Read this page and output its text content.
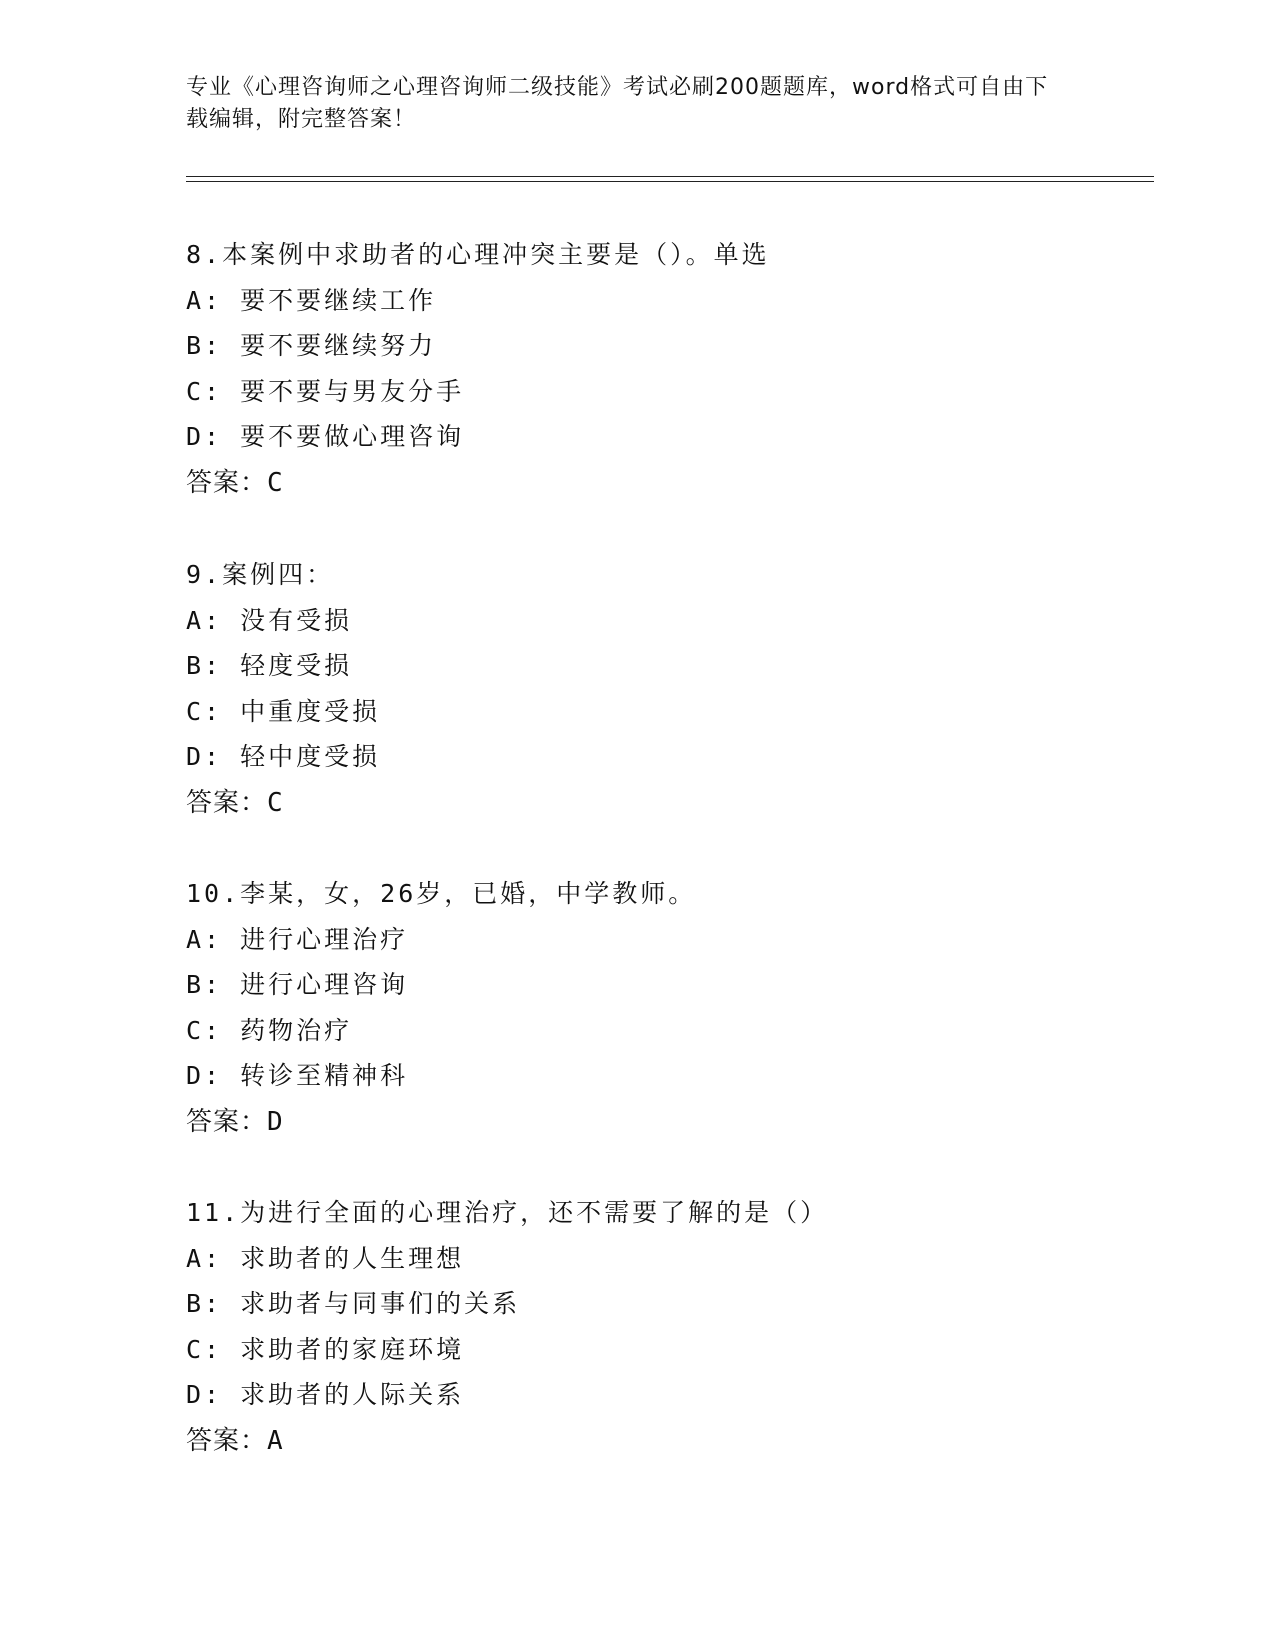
专业《心理咨询师之心理咨询师二级技能》考试必刷200题题库，word格式可自由下载编辑，附完整答案！
8.本案例中求助者的心理冲突主要是（）。单选
A: 要不要继续工作
B: 要不要继续努力
C: 要不要与男友分手
D: 要不要做心理咨询
答案：C
9.案例四：
A: 没有受损
B: 轻度受损
C: 中重度受损
D: 轻中度受损
答案：C
10.李某，女，26岁，已婚，中学教师。
A: 进行心理治疗
B: 进行心理咨询
C: 药物治疗
D: 转诊至精神科
答案：D
11.为进行全面的心理治疗，还不需要了解的是（）
A: 求助者的人生理想
B: 求助者与同事们的关系
C: 求助者的家庭环境
D: 求助者的人际关系
答案：A
